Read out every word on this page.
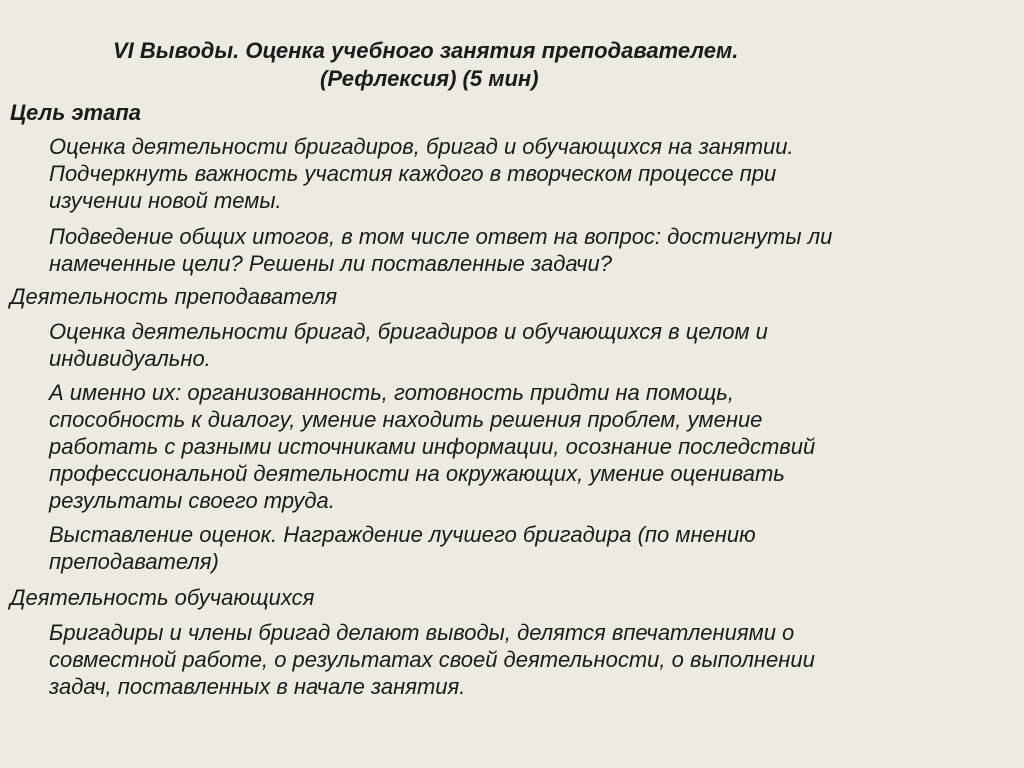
VI Выводы. Оценка учебного занятия преподавателем.
(Рефлексия) (5 мин)
Цель этапа
Оценка деятельности бригадиров, бригад и обучающихся на занятии.
Подчеркнуть важность участия каждого в творческом процессе при
изучении новой темы.
Подведение общих итогов, в том числе ответ на вопрос: достигнуты ли
намеченные цели? Решены ли поставленные задачи?
Деятельность преподавателя
Оценка деятельности бригад, бригадиров и обучающихся в целом и
индивидуально.
А именно их: организованность, готовность придти на помощь,
способность к диалогу, умение находить решения проблем, умение
работать с разными источниками информации, осознание последствий
профессиональной деятельности на окружающих, умение оценивать
результаты своего труда.
Выставление оценок. Награждение лучшего бригадира (по мнению
преподавателя)
Деятельность обучающихся
Бригадиры и члены бригад делают выводы, делятся впечатлениями о
совместной работе, о результатах своей деятельности, о выполнении
задач, поставленных в начале занятия.
